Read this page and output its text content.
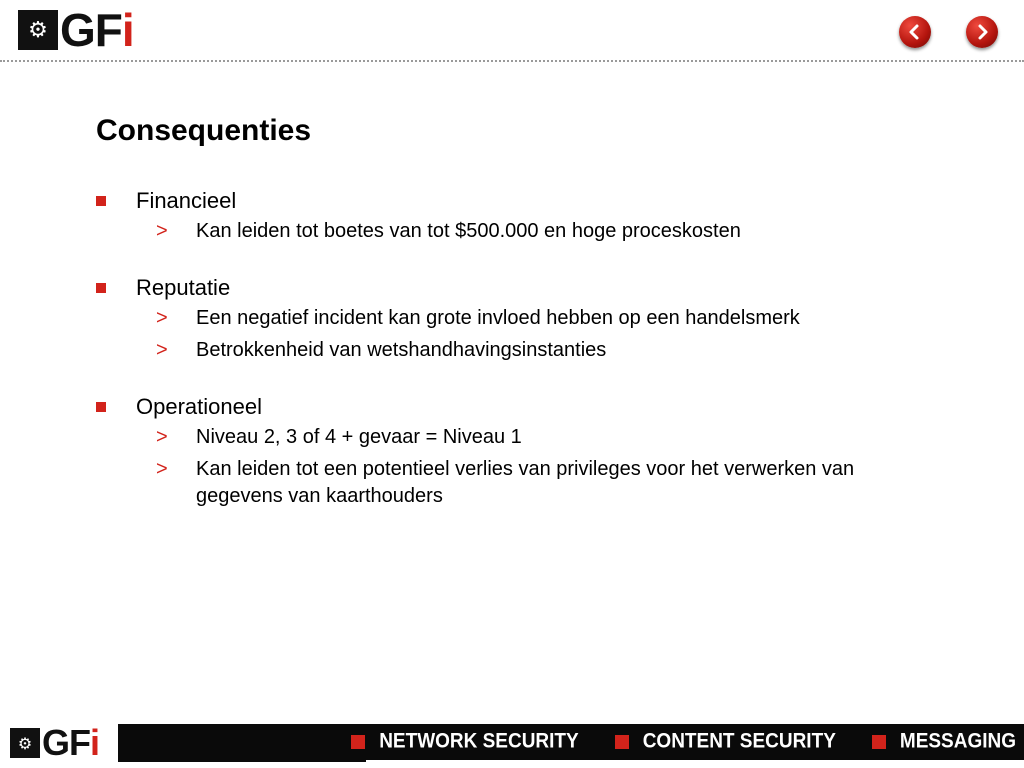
⚙ G F i
Consequenties
Financieel
>	Kan leiden tot boetes van tot $500.000 en hoge proceskosten
Reputatie
>	Een negatief incident kan grote invloed hebben op een handelsmerk
>	Betrokkenheid van wetshandhavingsinstanties
Operationeel
>	Niveau 2, 3 of 4 + gevaar = Niveau 1
>	Kan leiden tot een potentieel verlies van privileges voor het verwerken van gegevens van kaarthouders
⚙ G F i	NETWORK SECURITY	CONTENT SECURITY	MESSAGING
